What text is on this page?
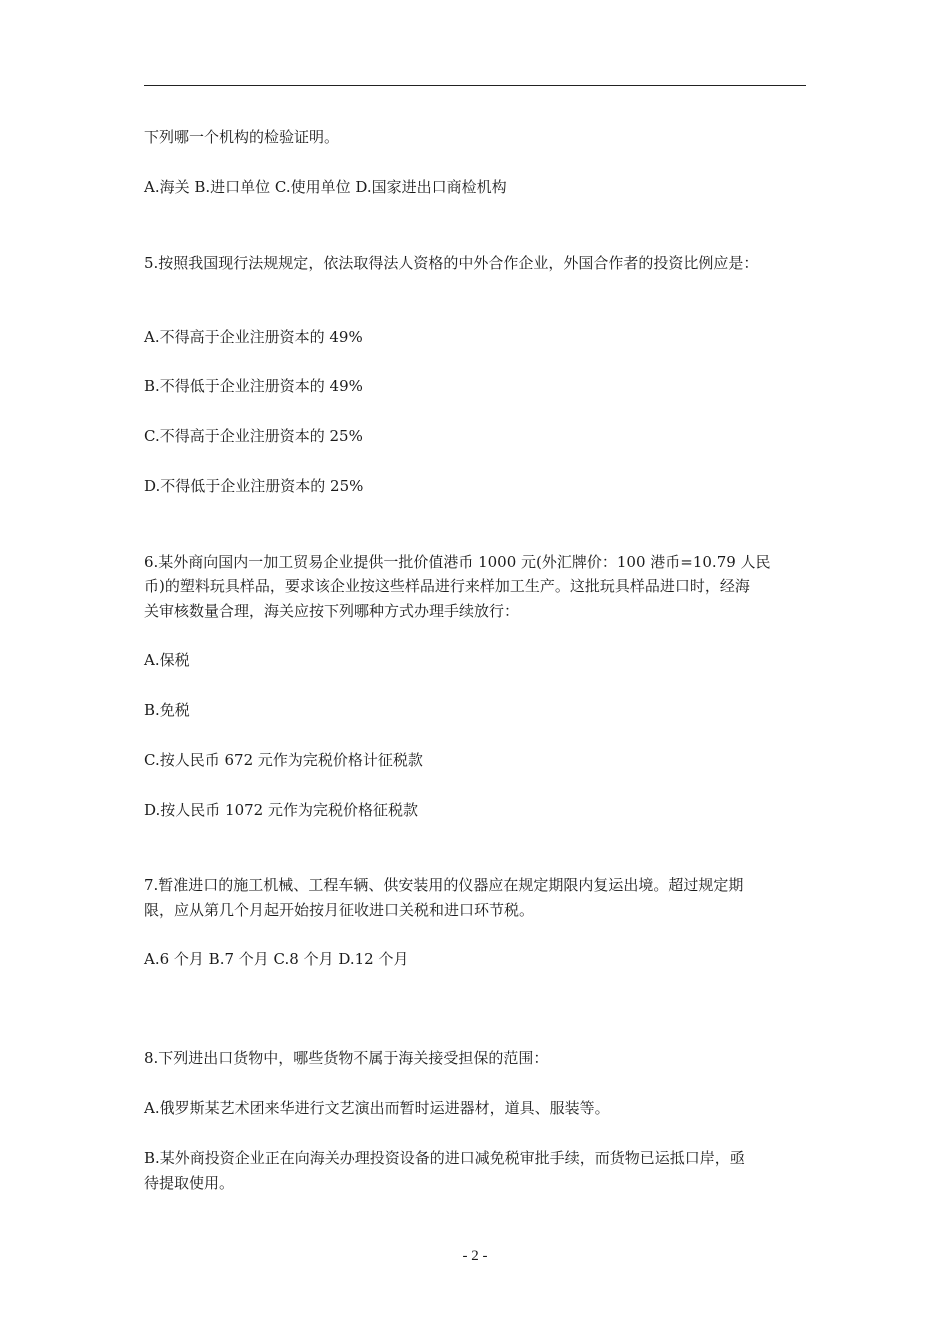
下列哪一个机构的检验证明。
A.海关 B.进口单位 C.使用单位 D.国家进出口商检机构
5.按照我国现行法规规定，依法取得法人资格的中外合作企业，外国合作者的投资比例应是：
A.不得高于企业注册资本的 49%
B.不得低于企业注册资本的 49%
C.不得高于企业注册资本的 25%
D.不得低于企业注册资本的 25%
6.某外商向国内一加工贸易企业提供一批价值港币 1000 元(外汇牌价：100 港币=10.79 人民
币)的塑料玩具样品，要求该企业按这些样品进行来样加工生产。这批玩具样品进口时，经海
关审核数量合理，海关应按下列哪种方式办理手续放行：
A.保税
B.免税
C.按人民币 672 元作为完税价格计征税款
D.按人民币 1072 元作为完税价格征税款
7.暂准进口的施工机械、工程车辆、供安装用的仪器应在规定期限内复运出境。超过规定期
限，应从第几个月起开始按月征收进口关税和进口环节税。
A.6 个月 B.7 个月 C.8 个月 D.12 个月
8.下列进出口货物中，哪些货物不属于海关接受担保的范围：
A.俄罗斯某艺术团来华进行文艺演出而暂时运进器材，道具、服装等。
B.某外商投资企业正在向海关办理投资设备的进口减免税审批手续，而货物已运抵口岸，亟
待提取使用。
- 2 -
